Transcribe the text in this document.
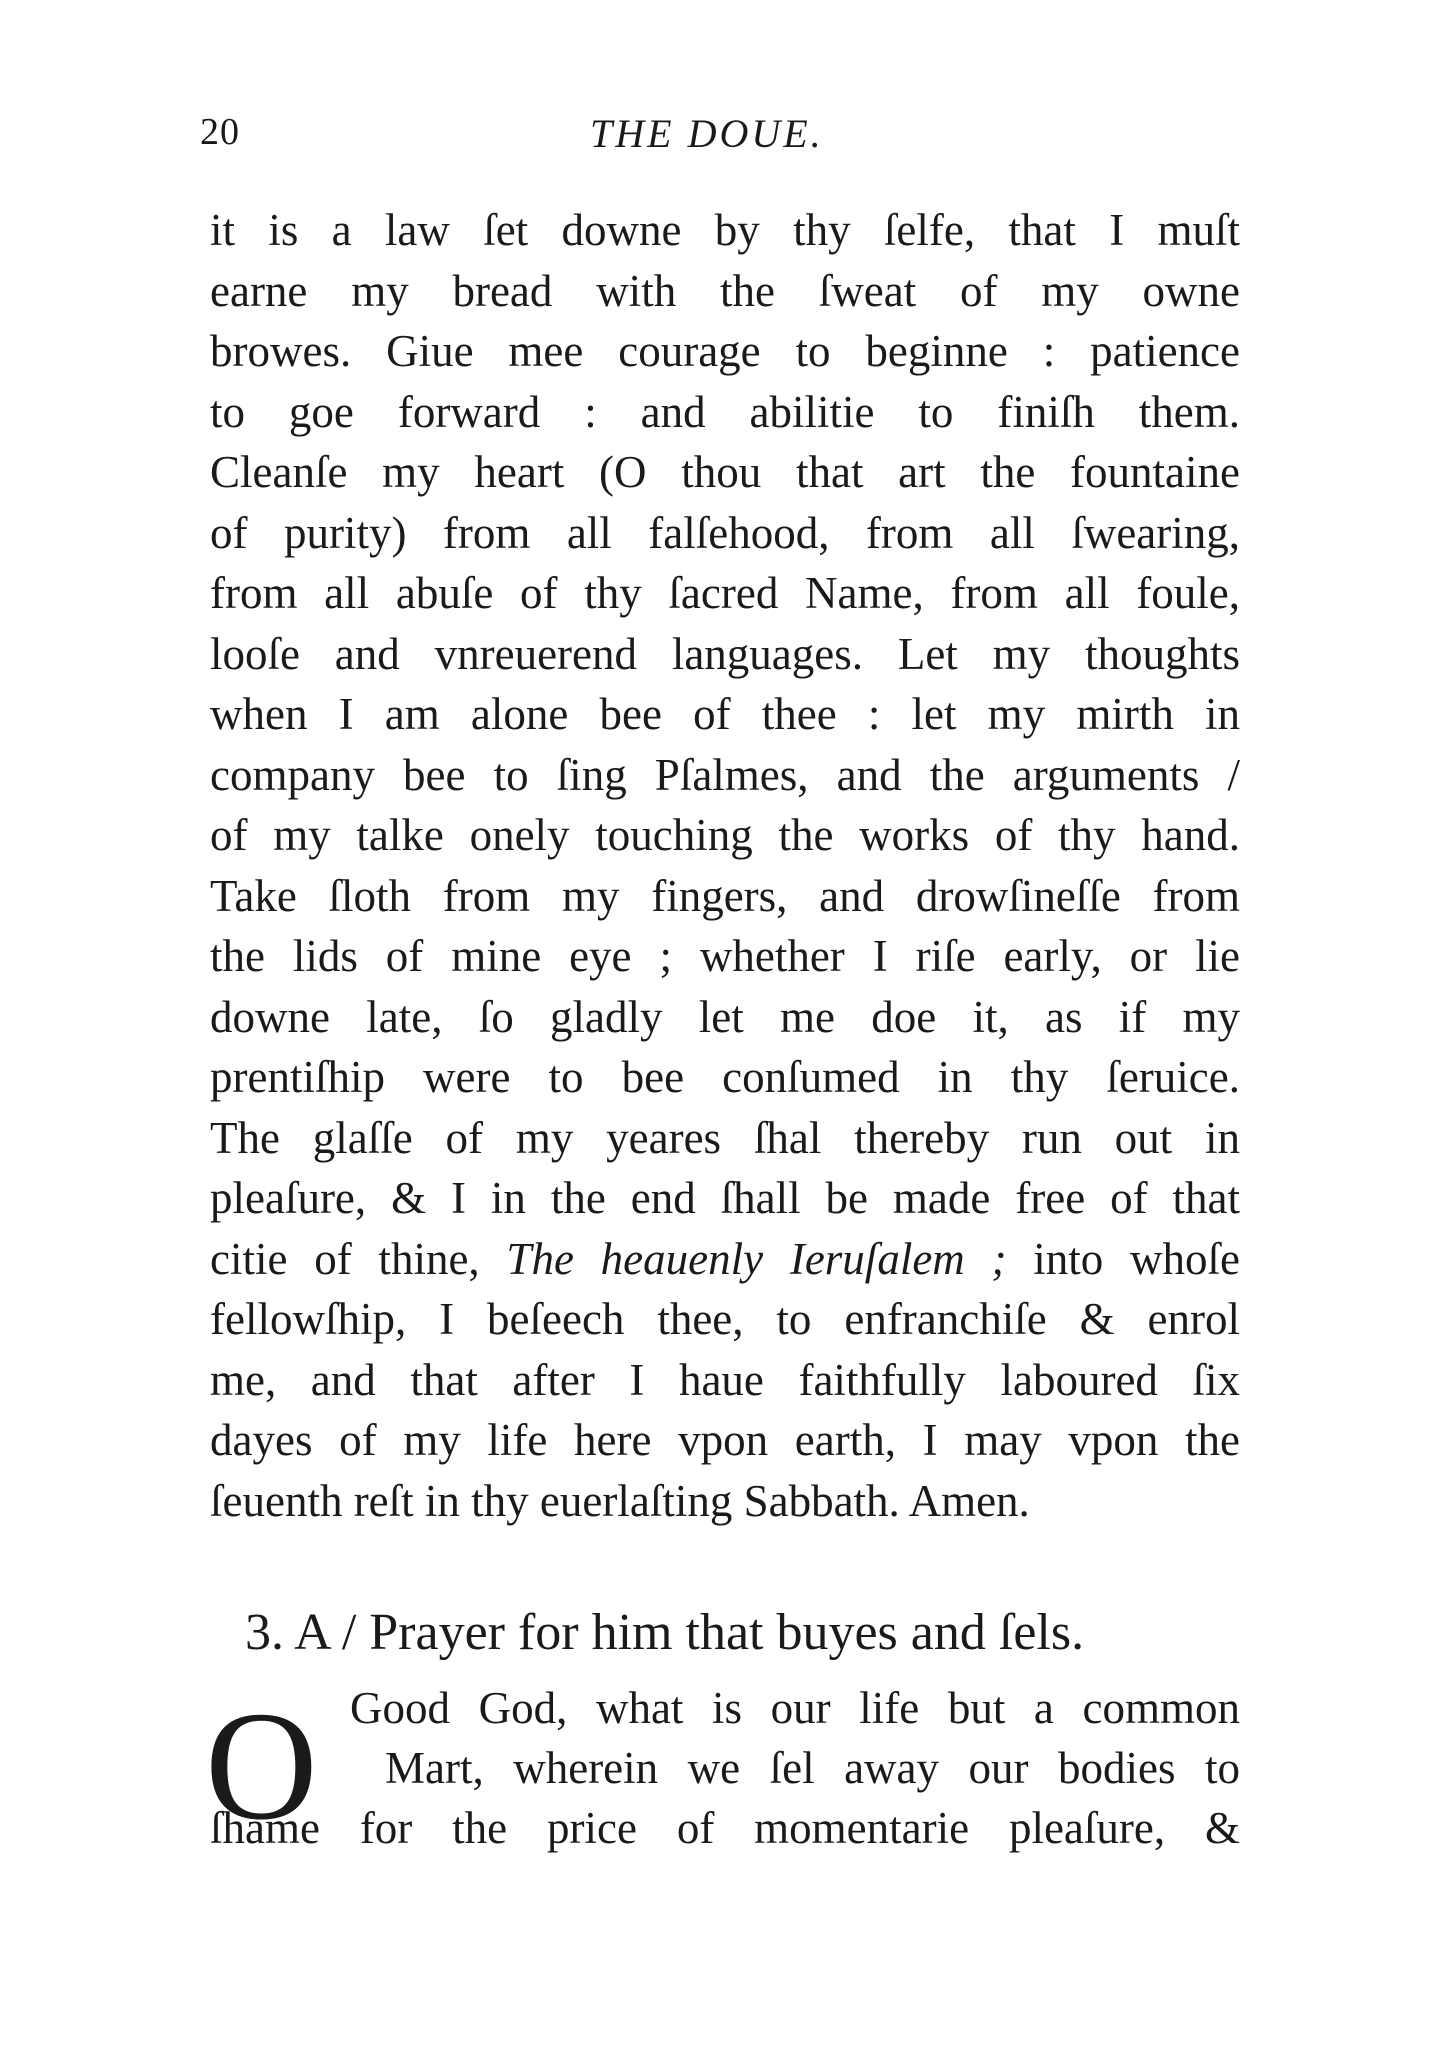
20	THE DOUE.
it is a law ſet downe by thy ſelfe, that I muſt
earne my bread with the ſweat of my owne
browes. Giue mee courage to beginne : patience
to goe forward : and abilitie to finiſh them.
Cleanſe my heart (O thou that art the fountaine
of purity) from all falſehood, from all ſwearing,
from all abuſe of thy ſacred Name, from all foule,
looſe and vnreuerend languages. Let my thoughts
when I am alone bee of thee : let my mirth in
company bee to ſing Pſalmes, and the arguments /
of my talke onely touching the works of thy hand.
Take ſloth from my fingers, and drowſineſſe from
the lids of mine eye ; whether I riſe early, or lie
downe late, ſo gladly let me doe it, as if my
prentiſhip were to bee conſumed in thy ſeruice.
The glaſſe of my yeares ſhal thereby run out in
pleaſure, & I in the end ſhall be made free of that
citie of thine, The heauenly Ieruſalem ; into whoſe
fellowſhip, I beſeech thee, to enfranchiſe & enrol
me, and that after I haue faithfully laboured ſix
dayes of my life here vpon earth, I may vpon the
ſeuenth reſt in thy euerlaſting Sabbath. Amen.
3. A / Prayer for him that buyes and ſels.
O Good God, what is our life but a common
Mart, wherein we ſel away our bodies to
ſhame for the price of momentarie pleaſure, &
